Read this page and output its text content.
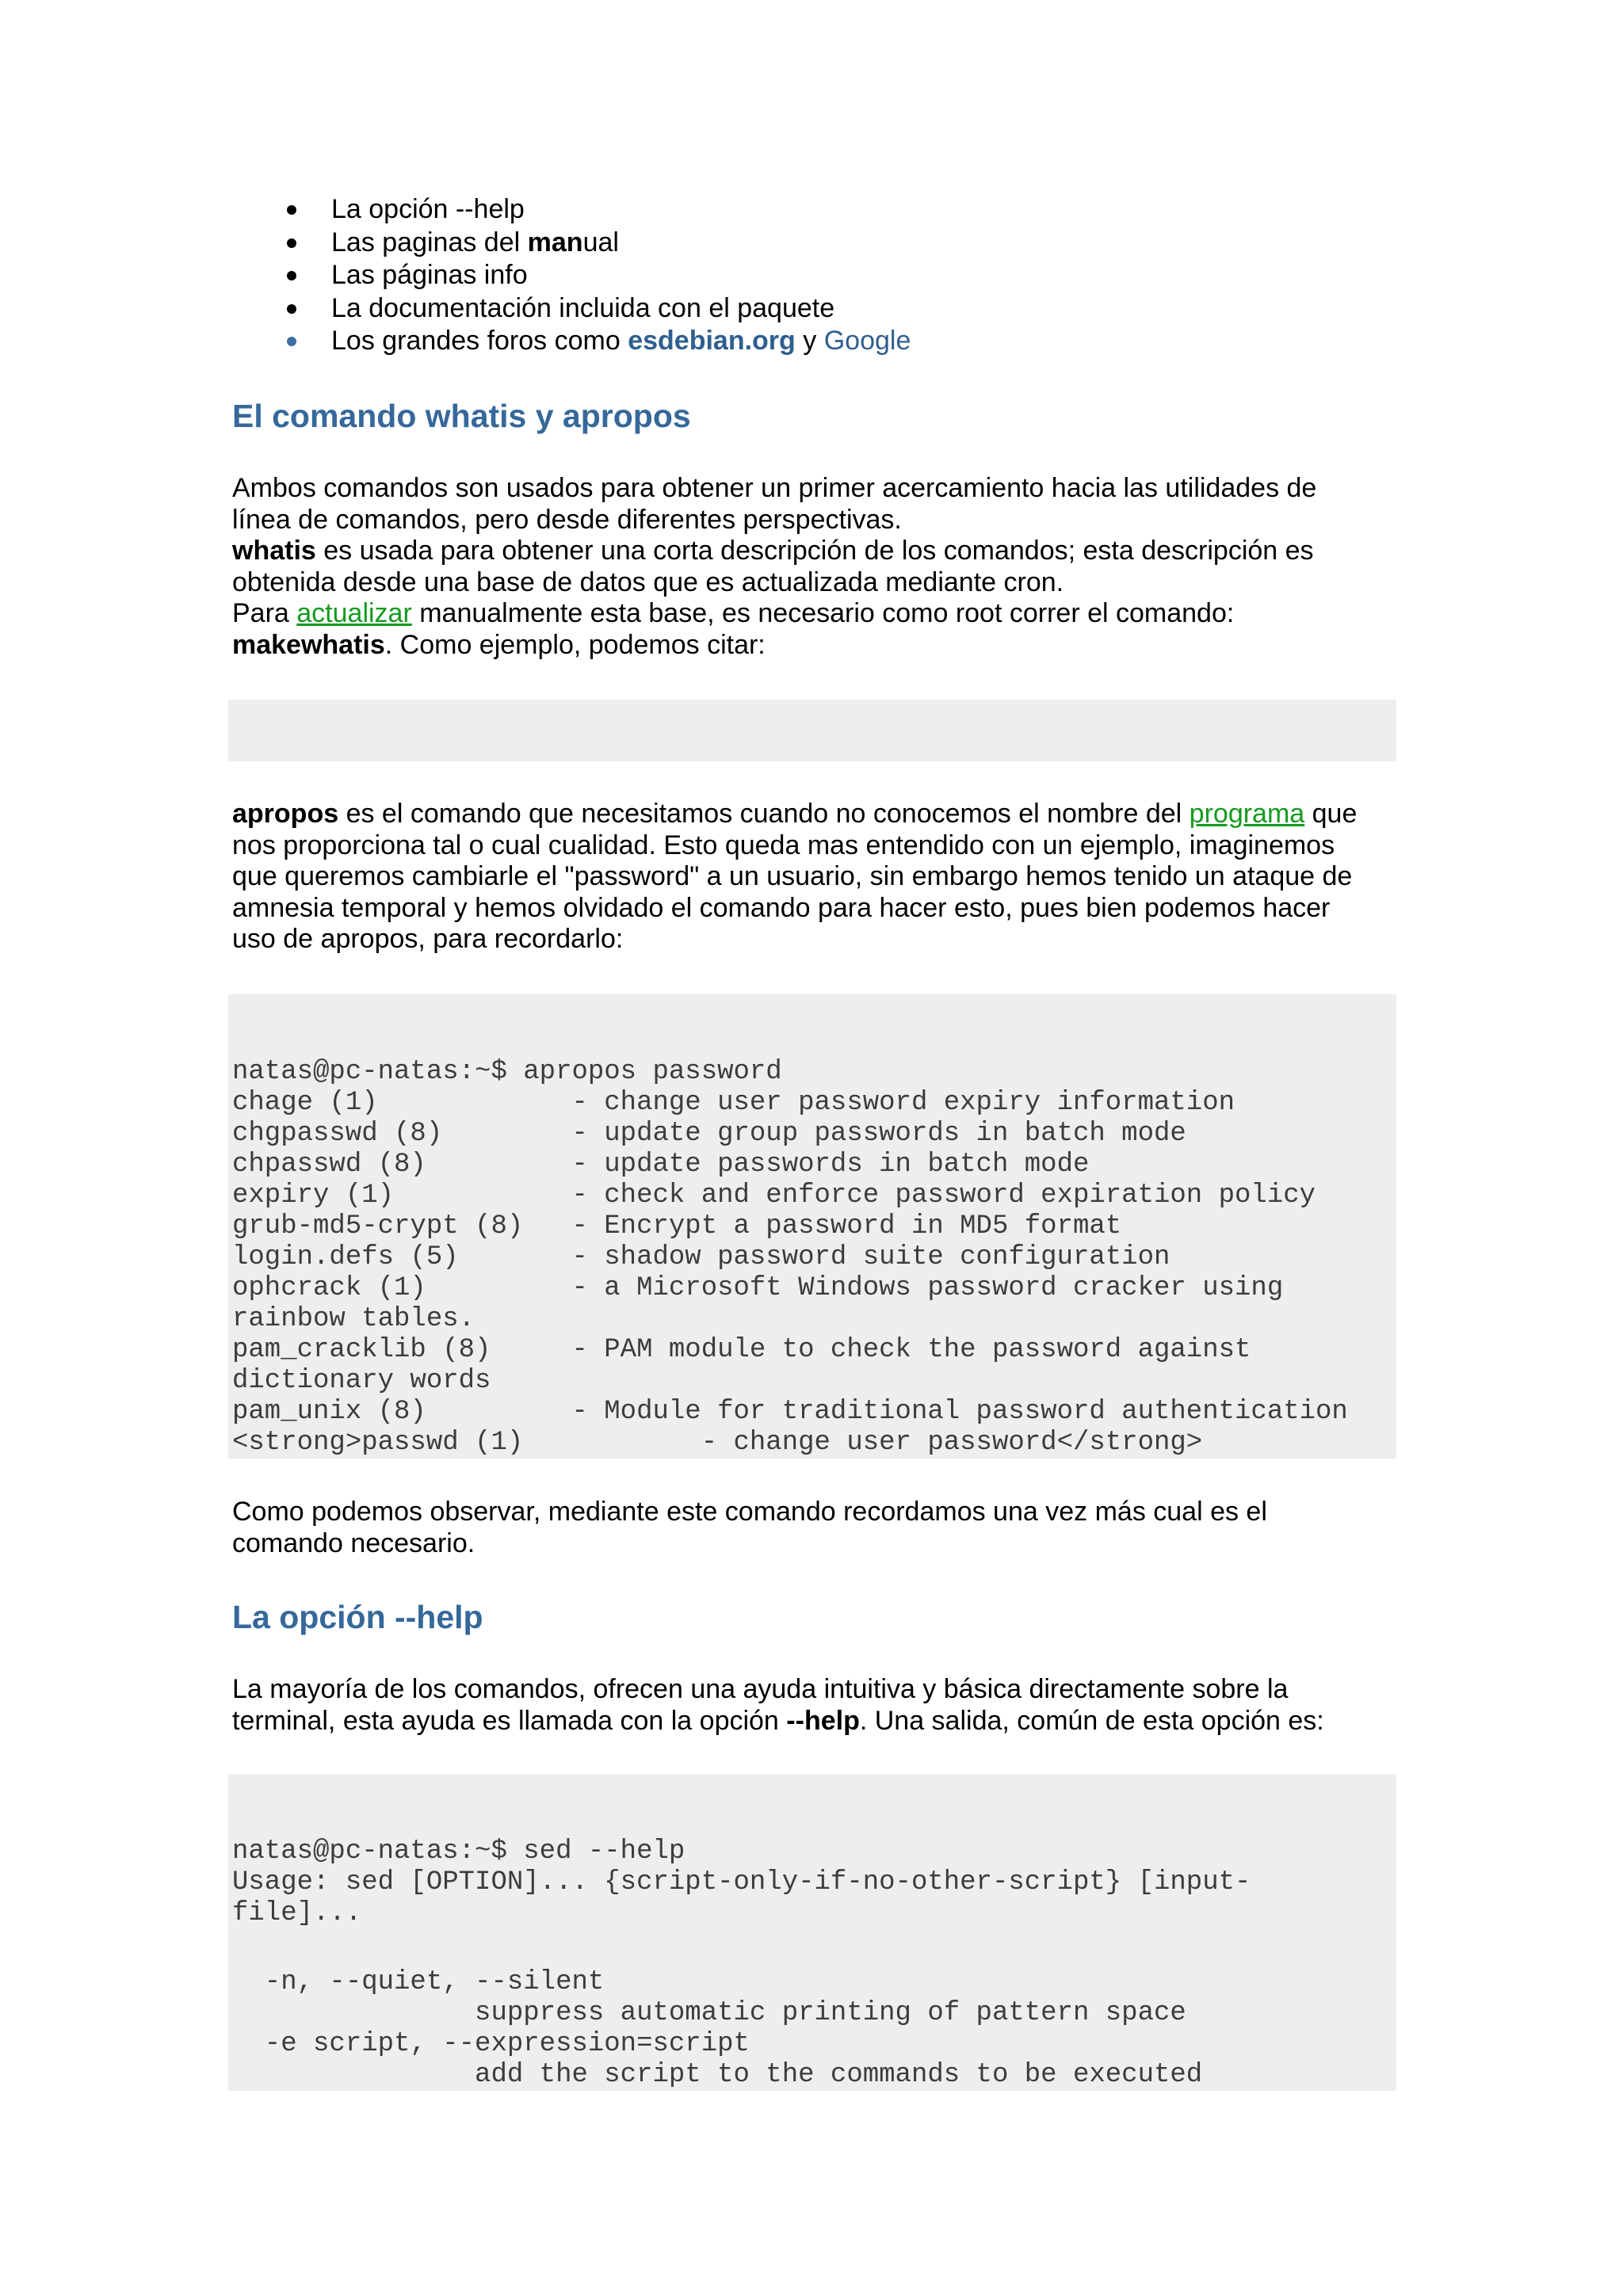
La opción --help
Las paginas del manual
Las páginas info
La documentación incluida con el paquete
Los grandes foros como esdebian.org y Google
El comando whatis y apropos

Ambos comandos son usados para obtener un primer acercamiento hacia las utilidades de
línea de comandos, pero desde diferentes perspectivas.
whatis es usada para obtener una corta descripción de los comandos; esta descripción es
obtenida desde una base de datos que es actualizada mediante cron.
Para actualizar manualmente esta base, es necesario como root correr el comando:
makewhatis. Como ejemplo, podemos citar:

apropos es el comando que necesitamos cuando no conocemos el nombre del programa que
nos proporciona tal o cual cualidad. Esto queda mas entendido con un ejemplo, imaginemos
que queremos cambiarle el "password" a un usuario, sin embargo hemos tenido un ataque de
amnesia temporal y hemos olvidado el comando para hacer esto, pues bien podemos hacer
uso de apropos, para recordarlo:

natas@pc-natas:~$ apropos password
chage (1)            - change user password expiry information
chgpasswd (8)        - update group passwords in batch mode
chpasswd (8)         - update passwords in batch mode
expiry (1)           - check and enforce password expiration policy
grub-md5-crypt (8)   - Encrypt a password in MD5 format
login.defs (5)       - shadow password suite configuration
ophcrack (1)         - a Microsoft Windows password cracker using
rainbow tables.
pam_cracklib (8)     - PAM module to check the password against
dictionary words
pam_unix (8)         - Module for traditional password authentication
<strong>passwd (1)           - change user password</strong>

Como podemos observar, mediante este comando recordamos una vez más cual es el
comando necesario.

La opción --help

La mayoría de los comandos, ofrecen una ayuda intuitiva y básica directamente sobre la
terminal, esta ayuda es llamada con la opción --help. Una salida, común de esta opción es:

natas@pc-natas:~$ sed --help
Usage: sed [OPTION]... {script-only-if-no-other-script} [input-
file]...

-n, --quiet, --silent
suppress automatic printing of pattern space
-e script, --expression=script
add the script to the commands to be executed
